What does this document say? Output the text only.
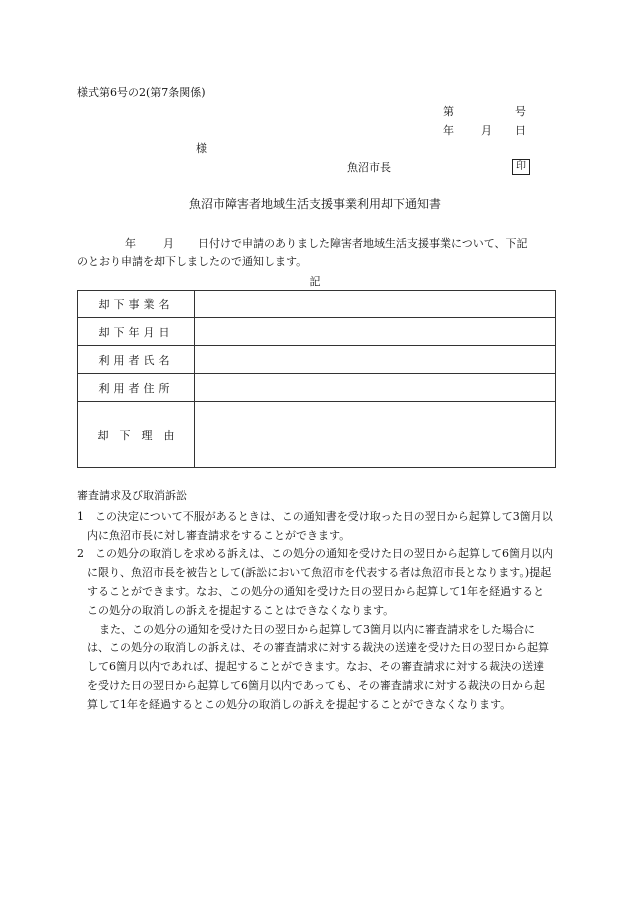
様式第6号の2(第7条関係)
第	号
年 月 日
様
魚沼市長	印
魚沼市障害者地域生活支援事業利用却下通知書
年 月 日付けで申請のありました障害者地域生活支援事業について、下記
のとおり申請を却下しましたので通知します。
記
却下事業名	
却下年月日	
利用者氏名	
利用者住所	
却　下　理　由	

審査請求及び取消訴訟

1　この決定について不服があるときは、この通知書を受け取った日の翌日から起算して3箇月以内に魚沼市長に対し審査請求をすることができます。

2　この処分の取消しを求める訴えは、この処分の通知を受けた日の翌日から起算して6箇月以内に限り、魚沼市長を被告として(訴訟において魚沼市を代表する者は魚沼市長となります。)提起することができます。なお、この処分の通知を受けた日の翌日から起算して1年を経過するとこの処分の取消しの訴えを提起することはできなくなります。

また、この処分の通知を受けた日の翌日から起算して3箇月以内に審査請求をした場合には、この処分の取消しの訴えは、その審査請求に対する裁決の送達を受けた日の翌日から起算して6箇月以内であれば、提起することができます。なお、その審査請求に対する裁決の送達を受けた日の翌日から起算して6箇月以内であっても、その審査請求に対する裁決の日から起算して1年を経過するとこの処分の取消しの訴えを提起することができなくなります。
